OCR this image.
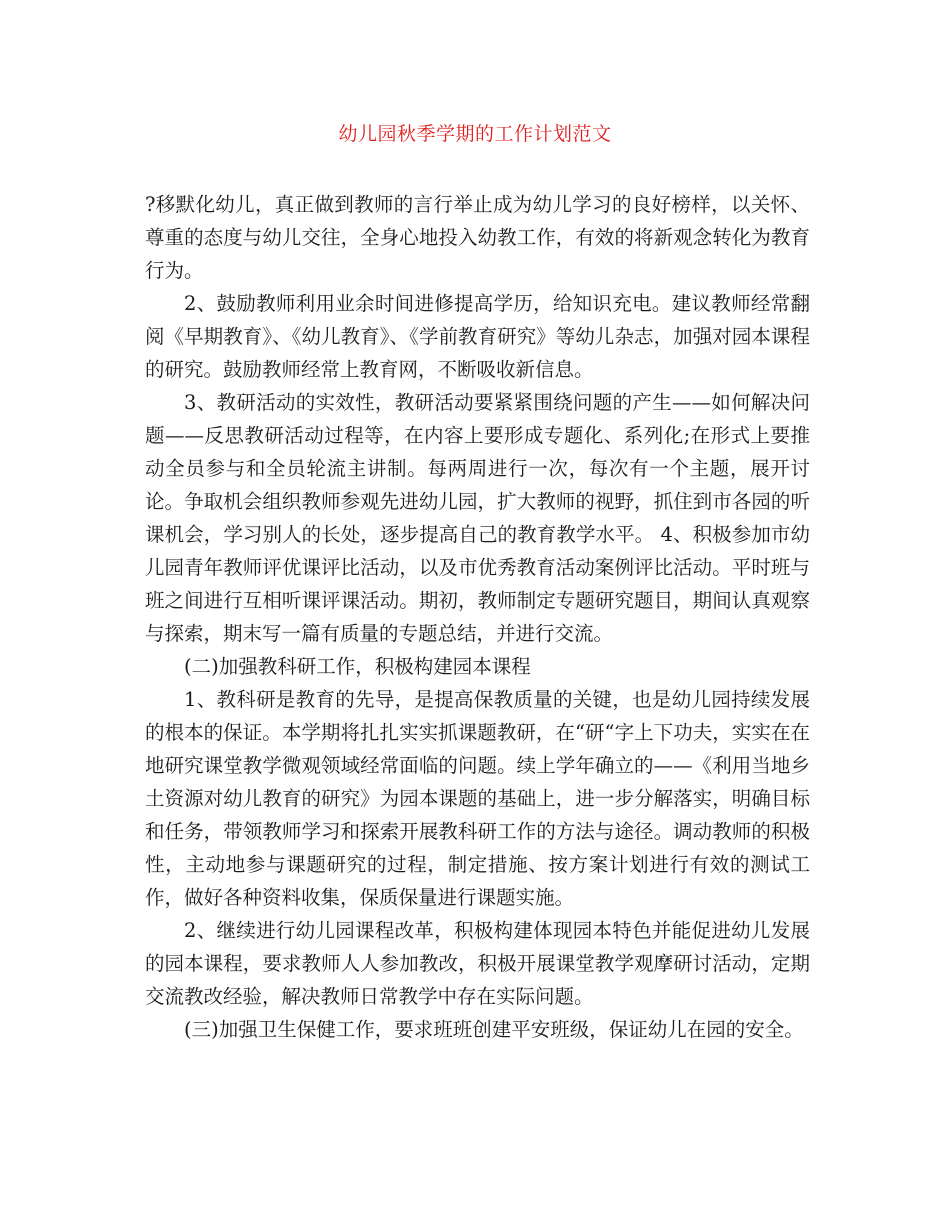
幼儿园秋季学期的工作计划范文

?移默化幼儿，真正做到教师的言行举止成为幼儿学习的良好榜样，以关怀、尊重的态度与幼儿交往，全身心地投入幼教工作，有效的将新观念转化为教育行为。

2、鼓励教师利用业余时间进修提高学历，给知识充电。建议教师经常翻阅《早期教育》、《幼儿教育》、《学前教育研究》等幼儿杂志，加强对园本课程的研究。鼓励教师经常上教育网，不断吸收新信息。

3、教研活动的实效性，教研活动要紧紧围绕问题的产生——如何解决问题——反思教研活动过程等，在内容上要形成专题化、系列化;在形式上要推动全员参与和全员轮流主讲制。每两周进行一次，每次有一个主题，展开讨论。争取机会组织教师参观先进幼儿园，扩大教师的视野，抓住到市各园的听课机会，学习别人的长处，逐步提高自己的教育教学水平。 4、积极参加市幼儿园青年教师评优课评比活动，以及市优秀教育活动案例评比活动。平时班与班之间进行互相听课评课活动。期初，教师制定专题研究题目，期间认真观察与探索，期末写一篇有质量的专题总结，并进行交流。

(二)加强教科研工作，积极构建园本课程

1、教科研是教育的先导，是提高保教质量的关键，也是幼儿园持续发展的根本的保证。本学期将扎扎实实抓课题教研，在“研“字上下功夫，实实在在地研究课堂教学微观领域经常面临的问题。续上学年确立的——《利用当地乡土资源对幼儿教育的研究》为园本课题的基础上，进一步分解落实，明确目标和任务，带领教师学习和探索开展教科研工作的方法与途径。调动教师的积极性，主动地参与课题研究的过程，制定措施、按方案计划进行有效的测试工作，做好各种资料收集，保质保量进行课题实施。

2、继续进行幼儿园课程改革，积极构建体现园本特色并能促进幼儿发展的园本课程，要求教师人人参加教改，积极开展课堂教学观摩研讨活动，定期交流教改经验，解决教师日常教学中存在实际问题。

(三)加强卫生保健工作，要求班班创建平安班级，保证幼儿在园的安全。
